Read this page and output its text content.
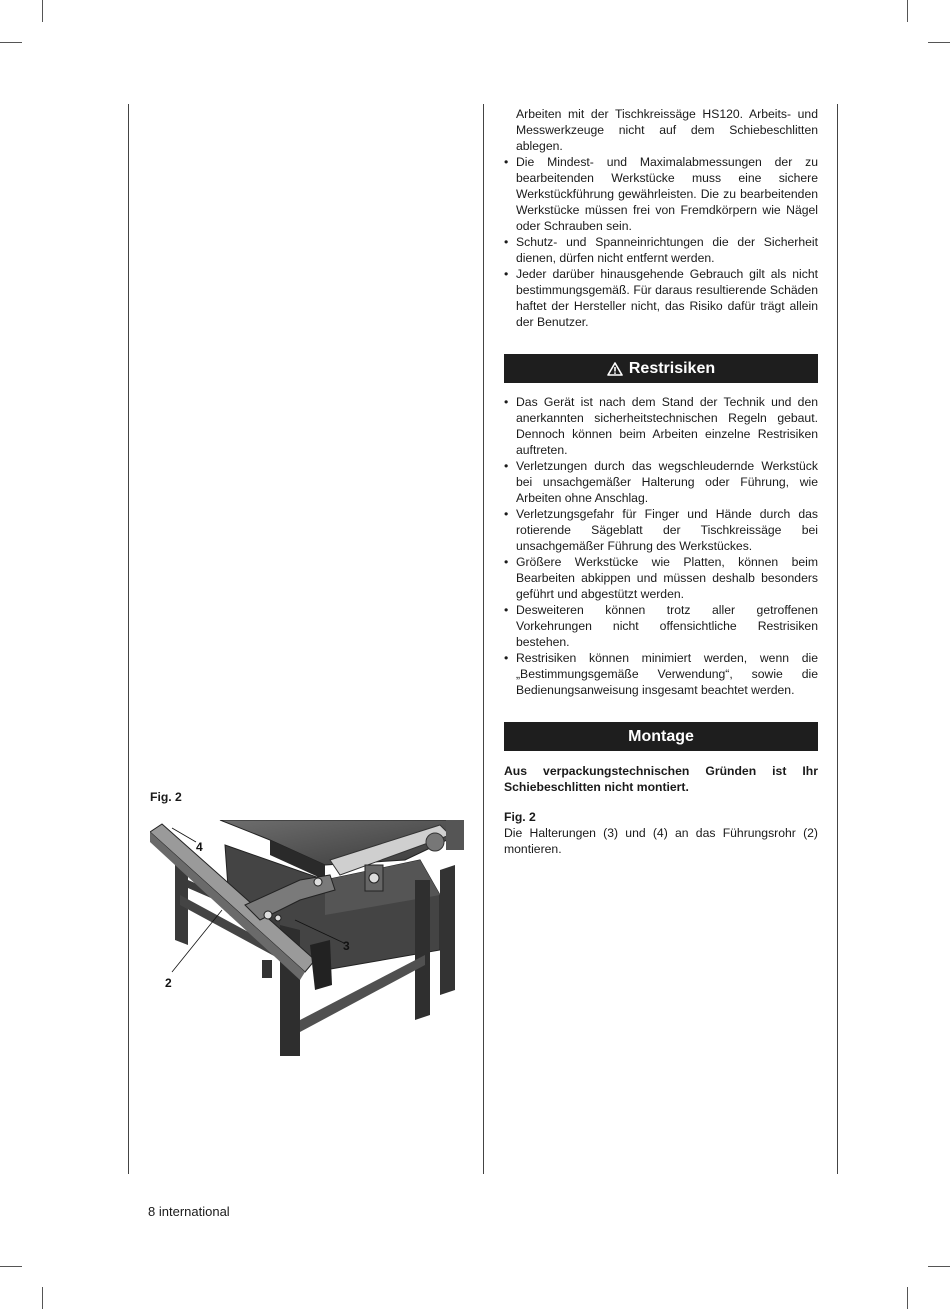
Arbeiten mit der Tischkreissäge HS120. Arbeits- und Messwerkzeuge nicht auf dem Schiebeschlitten ablegen.

• Die Mindest- und Maximalabmessungen der zu bearbeitenden Werkstücke muss eine sichere Werkstückführung gewährleisten. Die zu bearbeitenden Werkstücke müssen frei von Fremdkörpern wie Nägel oder Schrauben sein.
• Schutz- und Spanneinrichtungen die der Sicherheit dienen, dürfen nicht entfernt werden.
• Jeder darüber hinausgehende Gebrauch gilt als nicht bestimmungsgemäß. Für daraus resultierende Schäden haftet der Hersteller nicht, das Risiko dafür trägt allein der Benutzer.
Restrisiken
• Das Gerät ist nach dem Stand der Technik und den anerkannten sicherheitstechnischen Regeln gebaut. Dennoch können beim Arbeiten einzelne Restrisiken auftreten.
• Verletzungen durch das wegschleudernde Werkstück bei unsachgemäßer Halterung oder Führung, wie Arbeiten ohne Anschlag.
• Verletzungsgefahr für Finger und Hände durch das rotierende Sägeblatt der Tischkreissäge bei unsachgemäßer Führung des Werkstückes.
• Größere Werkstücke wie Platten, können beim Bearbeiten abkippen und müssen deshalb besonders geführt und abgestützt werden.
• Desweiteren können trotz aller getroffenen Vorkehrungen nicht offensichtliche Restrisiken bestehen.
• Restrisiken können minimiert werden, wenn die „Bestimmungsgemäße Verwendung“, sowie die Bedienungsanweisung insgesamt beachtet werden.
Montage

Aus verpackungstechnischen Gründen ist Ihr Schiebeschlitten nicht montiert.

Fig. 2

Die Halterungen (3) und (4) an das Führungsrohr (2) montieren.

Fig. 2
4
3
2
8 international
